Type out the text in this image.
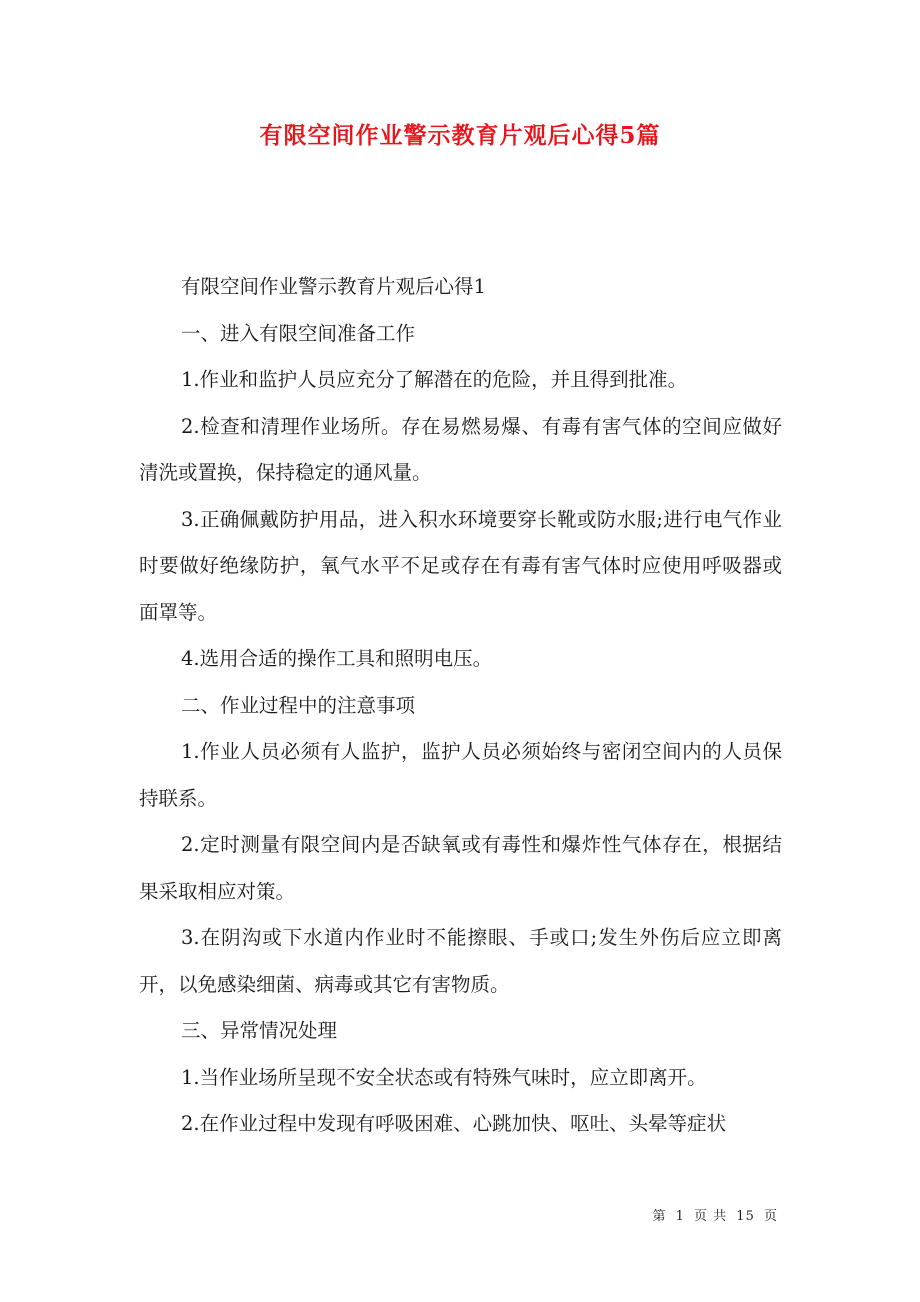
有限空间作业警示教育片观后心得5篇

有限空间作业警示教育片观后心得1

一、进入有限空间准备工作

1.作业和监护人员应充分了解潜在的危险，并且得到批准。

2.检查和清理作业场所。存在易燃易爆、有毒有害气体的空间应做好清洗或置换，保持稳定的通风量。

3.正确佩戴防护用品，进入积水环境要穿长靴或防水服;进行电气作业时要做好绝缘防护，氧气水平不足或存在有毒有害气体时应使用呼吸器或面罩等。

4.选用合适的操作工具和照明电压。

二、作业过程中的注意事项

1.作业人员必须有人监护，监护人员必须始终与密闭空间内的人员保持联系。

2.定时测量有限空间内是否缺氧或有毒性和爆炸性气体存在，根据结果采取相应对策。

3.在阴沟或下水道内作业时不能擦眼、手或口;发生外伤后应立即离开，以免感染细菌、病毒或其它有害物质。

三、异常情况处理

1.当作业场所呈现不安全状态或有特殊气味时，应立即离开。

2.在作业过程中发现有呼吸困难、心跳加快、呕吐、头晕等症状

第 1 页 共 15 页
